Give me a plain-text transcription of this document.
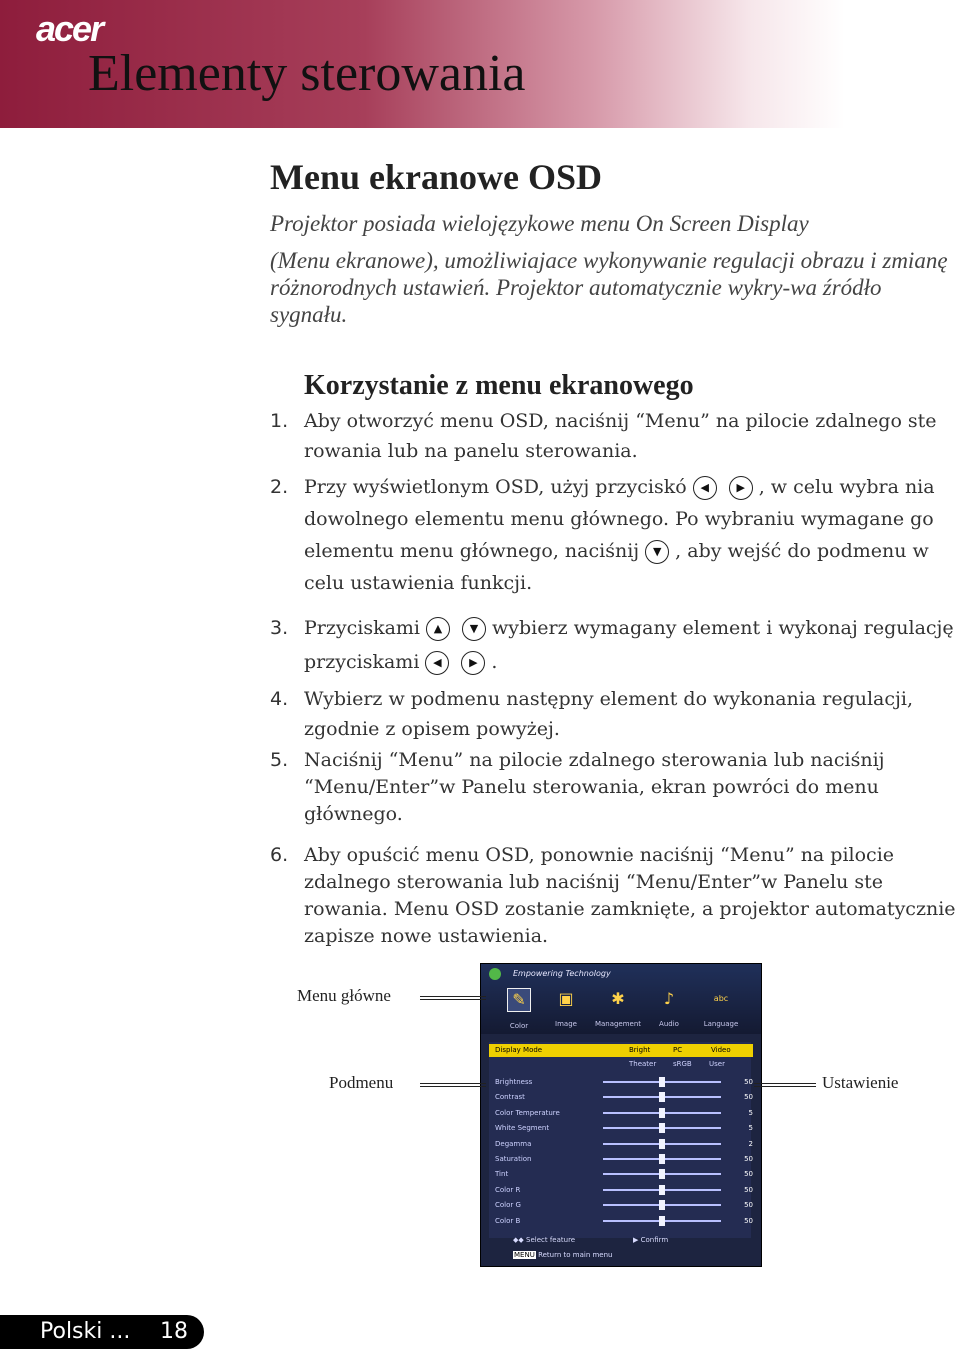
acer
Elementy sterowania
Menu ekranowe OSD

Projektor posiada wielojęzykowe menu On Screen Display

(Menu ekranowe), umożliwiajace wykonywanie regulacji obrazu i zmianę różnorodnych ustawień. Projektor automatycznie wykry-wa źródło sygnału.

Korzystanie z menu ekranowego
1. Aby otworzyć menu OSD, naciśnij “Menu” na pilocie zdalnego ste rowania lub na panelu sterowania.
2. Przy wyświetlonym OSD, użyj przyciskó ◀	▶ , w celu wybra nia dowolnego elementu menu głównego. Po wybraniu wymagane go elementu menu głównego, naciśnij ▼ , aby wejść do podmenu w celu ustawienia funkcji.
3. Przyciskami ▲	▼ wybierz wymagany element i wykonaj regulację przyciskami ◀	▶ .
4. Wybierz w podmenu następny element do wykonania regulacji, zgodnie z opisem powyżej.
5. Naciśnij “Menu” na pilocie zdalnego sterowania lub naciśnij “Menu/Enter”w Panelu sterowania, ekran powróci do menu głównego.
6. Aby opuścić menu OSD, ponownie naciśnij “Menu” na pilocie zdalnego sterowania lub naciśnij “Menu/Enter”w Panelu ste rowania. Menu OSD zostanie zamknięte, a projektor automatycznie zapisze nowe ustawienia.
Empowering Technology
✎
Color
▣
Image
✱
Management
♪
Audio
abc
Language
Display Mode	Bright	PC	Video
Theater sRGB User
Brightness	50
Contrast	50
Color Temperature	5
White Segment	5
Degamma	2
Saturation	50
Tint	50
Color R	50
Color G	50
Color B	50
◆◆ Select feature	▶ Confirm
MENU Return to main menu
Menu główne
Podmenu	Ustawienie
Polski ... 18
